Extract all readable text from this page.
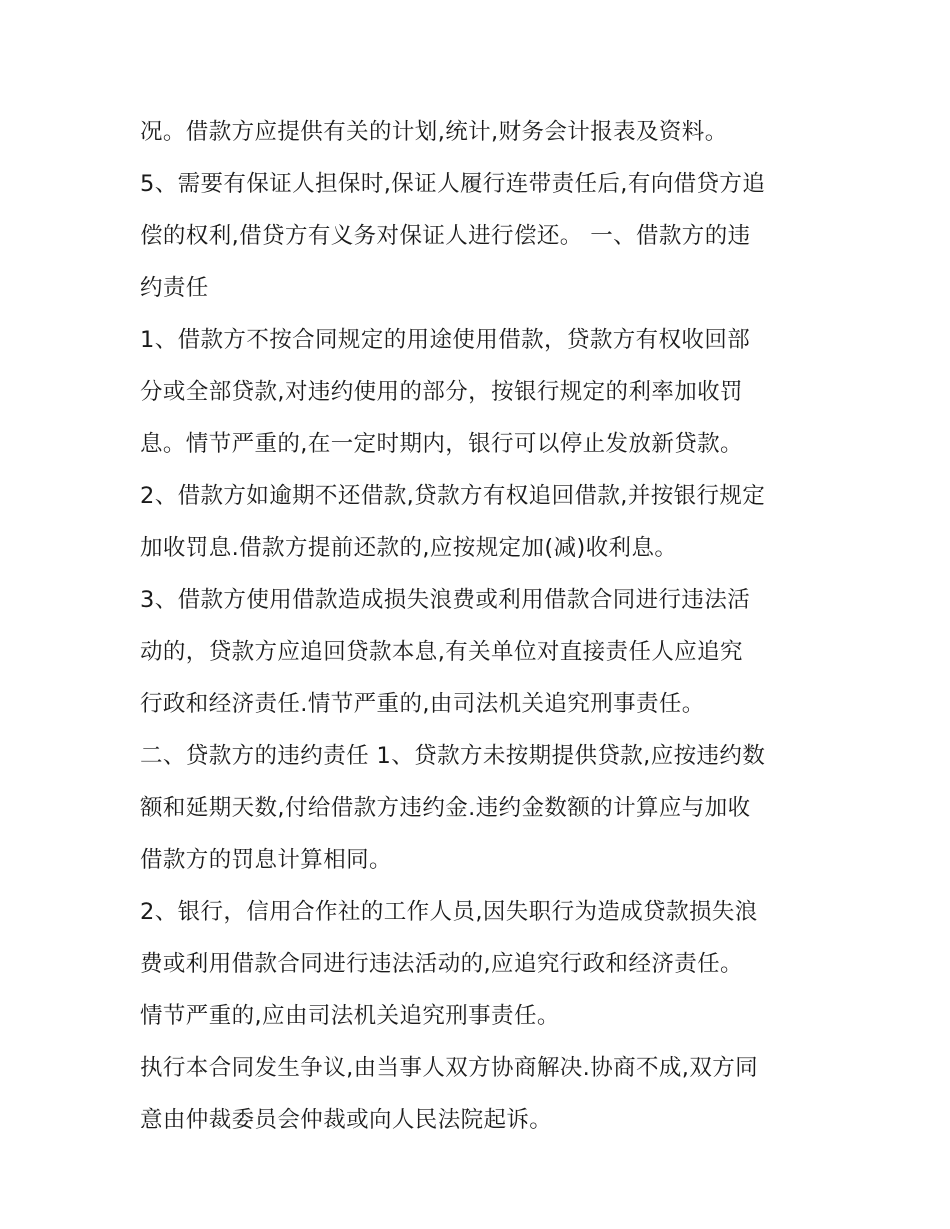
况。借款方应提供有关的计划,统计,财务会计报表及资料。
5、需要有保证人担保时,保证人履行连带责任后,有向借贷方追
偿的权利,借贷方有义务对保证人进行偿还。 一、借款方的违
约责任
1、借款方不按合同规定的用途使用借款，贷款方有权收回部
分或全部贷款,对违约使用的部分，按银行规定的利率加收罚
息。情节严重的,在一定时期内，银行可以停止发放新贷款。
2、借款方如逾期不还借款,贷款方有权追回借款,并按银行规定
加收罚息.借款方提前还款的,应按规定加(减)收利息。
3、借款方使用借款造成损失浪费或利用借款合同进行违法活
动的，贷款方应追回贷款本息,有关单位对直接责任人应追究
行政和经济责任.情节严重的,由司法机关追究刑事责任。
二、贷款方的违约责任 1、贷款方未按期提供贷款,应按违约数
额和延期天数,付给借款方违约金.违约金数额的计算应与加收
借款方的罚息计算相同。
2、银行，信用合作社的工作人员,因失职行为造成贷款损失浪
费或利用借款合同进行违法活动的,应追究行政和经济责任。
情节严重的,应由司法机关追究刑事责任。
执行本合同发生争议,由当事人双方协商解决.协商不成,双方同
意由仲裁委员会仲裁或向人民法院起诉。
